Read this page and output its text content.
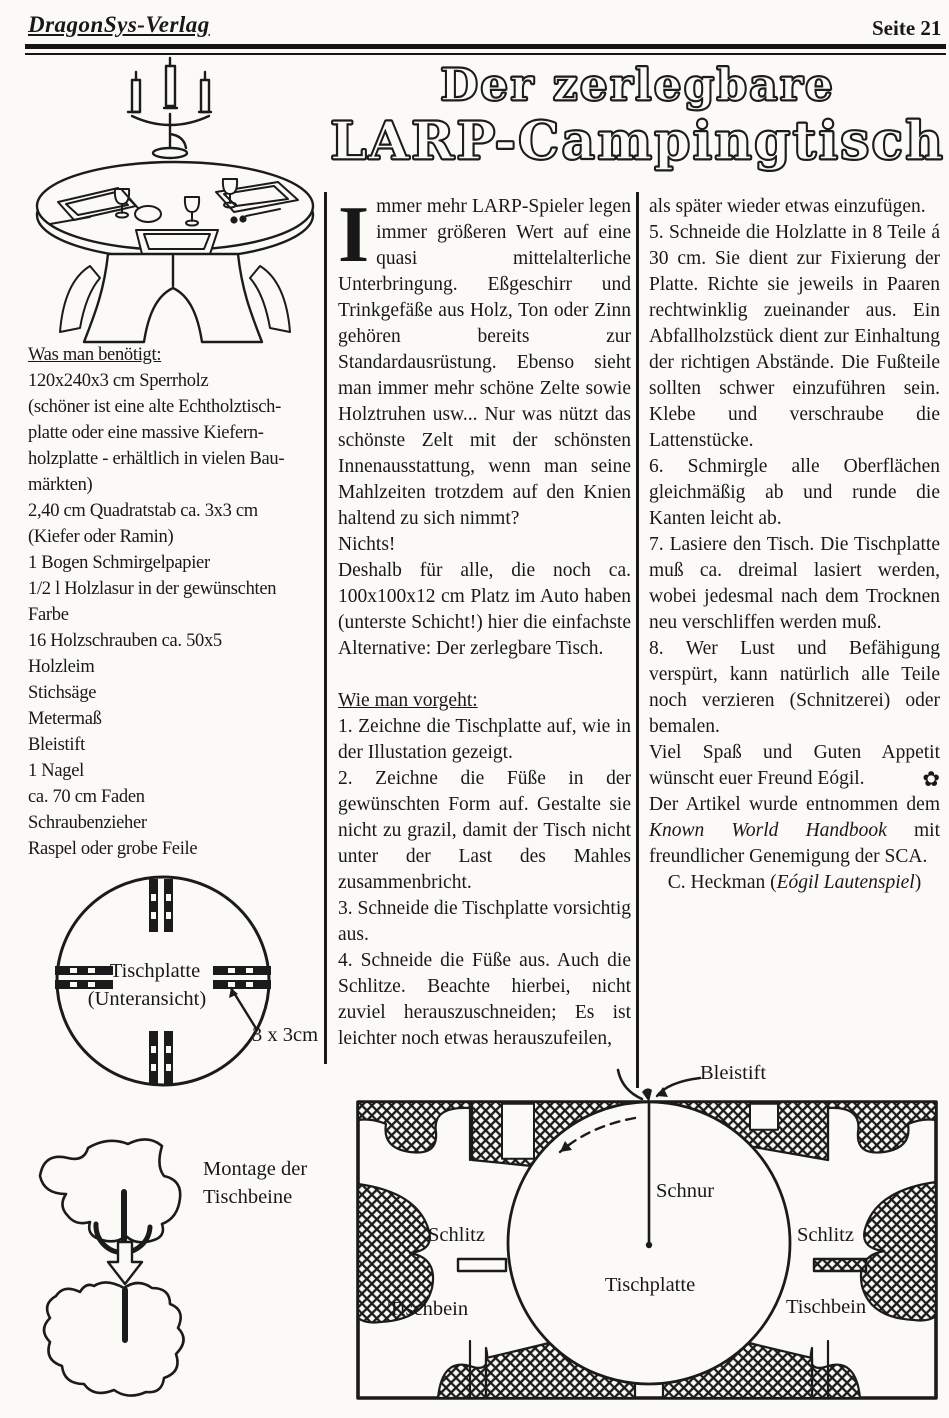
DragonSys-Verlag	Seite 21
Der zerlegbare
LARP-Campingtisch
Was man benötigt:
120x240x3 cm Sperrholz
(schöner ist eine alte Echtholztisch-
platte oder eine massive Kiefern-
holzplatte - erhältlich in vielen Bau-
märkten)
2,40 cm Quadratstab ca. 3x3 cm
(Kiefer oder Ramin)
1 Bogen Schmirgelpapier
1/2 l Holzlasur in der gewünschten
Farbe
16 Holzschrauben ca. 50x5
Holzleim
Stichsäge
Metermaß
Bleistift
1 Nagel
ca. 70 cm Faden
Schraubenzieher
Raspel oder grobe Feile

Immer mehr LARP-Spieler legen immer größeren Wert auf eine quasi mittelalterliche Unterbringung. Eßgeschirr und Trinkgefäße aus Holz, Ton oder Zinn gehören bereits zur Standardausrüstung. Ebenso sieht man immer mehr schöne Zelte sowie Holztruhen usw... Nur was nützt das schönste Zelt mit der schönsten Innenausstattung, wenn man seine Mahlzeiten trotzdem auf den Knien haltend zu sich nimmt?

Nichts!

Deshalb für alle, die noch ca. 100x100x12 cm Platz im Auto haben (unterste Schicht!) hier die einfachste Alternative: Der zerlegbare Tisch.

Wie man vorgeht:

1. Zeichne die Tischplatte auf, wie in der Illustation gezeigt.

2. Zeichne die Füße in der gewünschten Form auf. Gestalte sie nicht zu grazil, damit der Tisch nicht unter der Last des Mahles zusammenbricht.

3. Schneide die Tischplatte vorsichtig aus.

4. Schneide die Füße aus. Auch die Schlitze. Beachte hierbei, nicht zuviel herauszuschneiden; Es ist leichter noch etwas herauszufeilen,

als später wieder etwas einzufügen.

5. Schneide die Holzlatte in 8 Teile á 30 cm. Sie dient zur Fixierung der Platte. Richte sie jeweils in Paaren rechtwinklig zueinander aus. Ein Abfallholzstück dient zur Einhaltung der richtigen Abstände. Die Fußteile sollten schwer einzuführen sein. Klebe und verschraube die Lattenstücke.

6. Schmirgle alle Oberflächen gleichmäßig ab und runde die Kanten leicht ab.

7. Lasiere den Tisch. Die Tischplatte muß ca. dreimal lasiert werden, wobei jedesmal nach dem Trocknen neu verschliffen werden muß.

8. Wer Lust und Befähigung verspürt, kann natürlich alle Teile noch verzieren (Schnitzerei) oder bemalen.

Viel Spaß und Guten Appetit wünscht euer Freund Eógil.	✿

Der Artikel wurde entnommen dem Known World Handbook mit freundlicher Genemigung der SCA.

C. Heckman (Eógil Lautenspiel)

Tischplatte
(Unteransicht)
3 x 3cm
Montage der
Tischbeine
Bleistift
Schnur
Schlitz	Schlitz
Tischplatte
Tischbein	Tischbein
